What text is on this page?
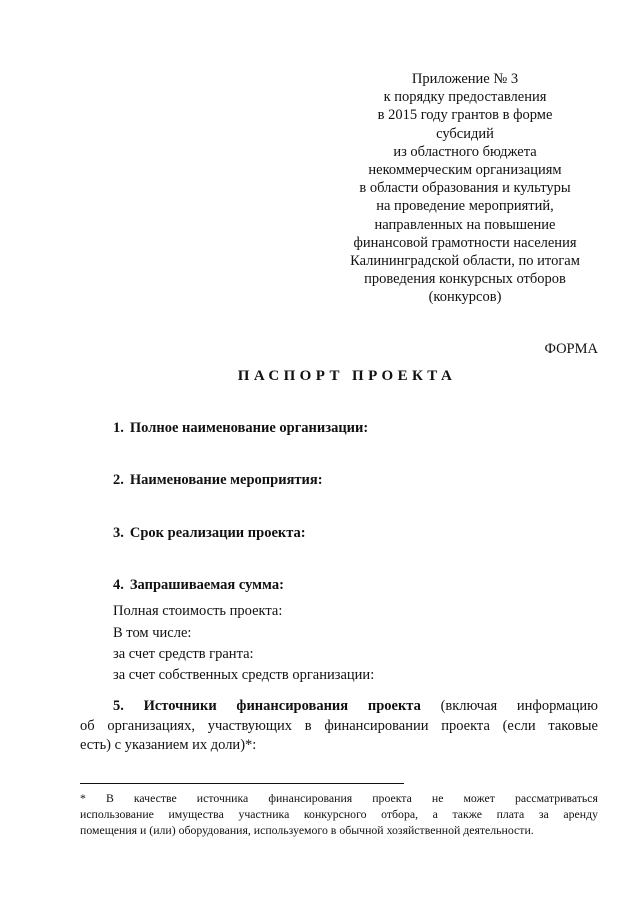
Приложение № 3
к порядку предоставления
в 2015 году грантов в форме
субсидий
из областного бюджета
некоммерческим организациям
в области образования и культуры
на проведение мероприятий,
направленных на повышение
финансовой грамотности населения
Калининградской области, по итогам
проведения конкурсных отборов
(конкурсов)
ФОРМА
ПАСПОРТ ПРОЕКТА
1. Полное наименование организации:
2. Наименование мероприятия:
3. Срок реализации проекта:
4. Запрашиваемая сумма:
Полная стоимость проекта:
В том числе:
за счет средств гранта:
за счет собственных средств организации:
5. Источники финансирования проекта (включая информацию
об организациях, участвующих в финансировании проекта (если таковые
есть) с указанием их доли)*:
* В качестве источника финансирования проекта не может рассматриваться
использование имущества участника конкурсного отбора, а также плата за аренду
помещения и (или) оборудования, используемого в обычной хозяйственной деятельности.
